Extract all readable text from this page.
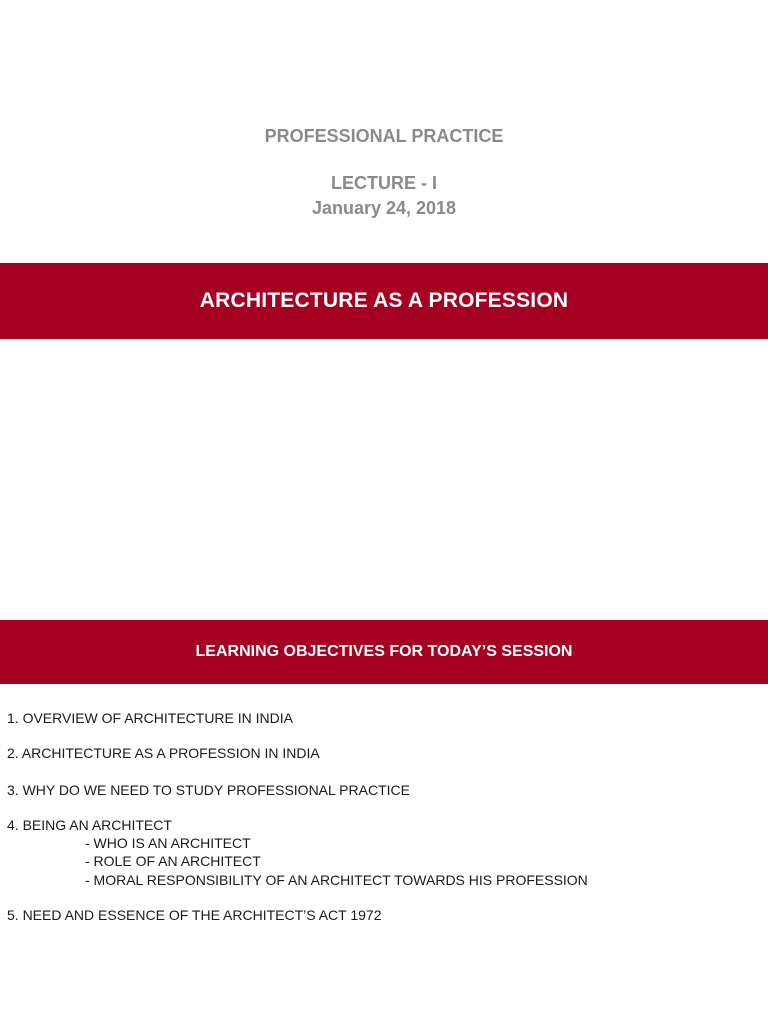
PROFESSIONAL PRACTICE
LECTURE - I
January 24, 2018
ARCHITECTURE AS A PROFESSION
LEARNING OBJECTIVES FOR TODAY’S SESSION
1. OVERVIEW OF ARCHITECTURE IN INDIA
2. ARCHITECTURE AS A PROFESSION IN INDIA
3. WHY DO WE NEED TO STUDY PROFESSIONAL PRACTICE
4. BEING AN ARCHITECT
- WHO IS AN ARCHITECT
- ROLE OF AN ARCHITECT
- MORAL RESPONSIBILITY OF AN ARCHITECT TOWARDS HIS PROFESSION
5. NEED AND ESSENCE OF THE ARCHITECT’S ACT 1972
